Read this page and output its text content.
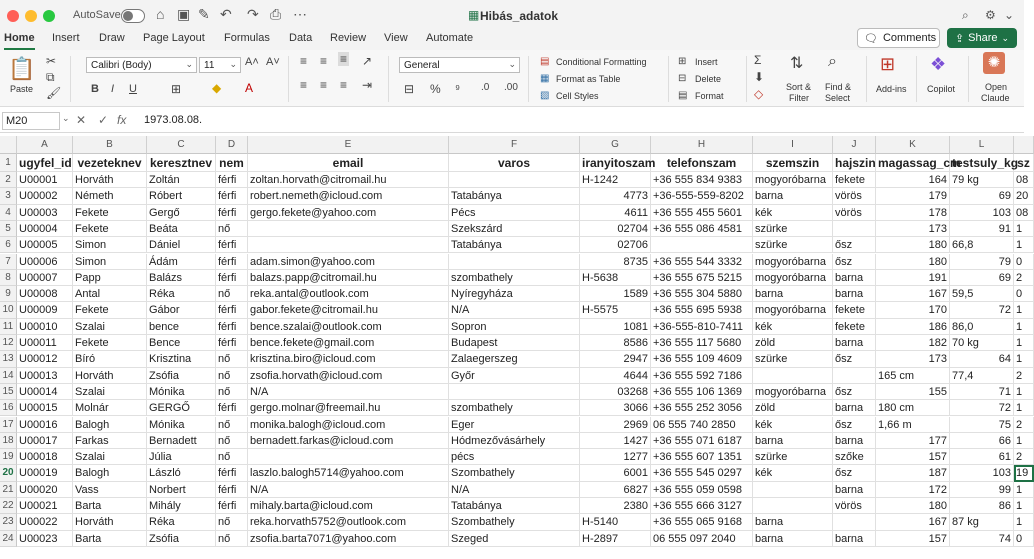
AutoSave	⌂ ▣ ✎ ↶ ↷ ⎙ ⋯	▦ Hibás_adatok	⌕ ⚙ ⌄
Home Insert Draw Page Layout Formulas Data Review View Automate	🗨 Comments ⇪ Share ⌄
📋
Paste
✂
⧉
🖌
Calibri (Body)	⌄ 11 ⌄ A˄ A˅
B I U	⊞	◆ A
≡ ≡ ≡ ↗
≡ ≡ ≡ ⇥
General	⌄
⊟ % ⁹ .0 .00
▤ Conditional Formatting
▦ Format as Table
▧ Cell Styles
⊞ Insert
⊟ Delete
▤ Format
Σ
⬇
◇
⇅
Sort &
Filter
⌕
Find &
Select
⊞
Add-ins
❖
Copilot
✺
Open
Claude
M20	⌄ ✕ ✓ fx 1973.08.08.
A	B	C	D	E	F	G	H	I	J	K	L
1 ugyfel_id vezeteknev keresztnev nem	email	varos	iranyitoszam telefonszam	szemszin	hajszin magassag_cm
testsuly_kg sz
2 U00001	Horváth	Zoltán	férfi	zoltan.horvath@citromail.hu	H-1242	+36 555 834 9383	mogyoróbarna fekete	164 79 kg	08
3 U00002	Németh	Róbert	férfi	robert.nemeth@icloud.com	Tatabánya	4773 +36-555-559-8202	barna	vörös	179	69 20
4 U00003	Fekete	Gergő	férfi	gergo.fekete@yahoo.com	Pécs	4611 +36 555 455 5601	kék	vörös	178	103 08
5 U00004	Fekete	Beáta	nő	Szekszárd	02704 +36 555 086 4581	szürke	173	91 1
6 U00005	Simon	Dániel	férfi	Tatabánya	02706	szürke	ősz	180 66,8	1
7 U00006	Simon	Ádám	férfi	adam.simon@yahoo.com	8735 +36 555 544 3332	mogyoróbarna ősz	180	79 0
8 U00007	Papp	Balázs	férfi	balazs.papp@citromail.hu	szombathely	H-5638	+36 555 675 5215	mogyoróbarna barna	191	69 2
9 U00008	Antal	Réka	nő	reka.antal@outlook.com	Nyíregyháza	1589 +36 555 304 5880	barna	barna	167 59,5	0
10 U00009	Fekete	Gábor	férfi	gabor.fekete@citromail.hu	N/A	H-5575	+36 555 695 5938	mogyoróbarna fekete	170	72 1
11 U00010	Szalai	bence	férfi	bence.szalai@outlook.com	Sopron	1081 +36-555-810-7411	kék	fekete	186 86,0	1
12 U00011	Fekete	Bence	férfi	bence.fekete@gmail.com	Budapest	8586 +36 555 117 5680	zöld	barna	182 70 kg	1
13 U00012	Bíró	Krisztina	nő	krisztina.biro@icloud.com	Zalaegerszeg	2947 +36 555 109 4609	szürke	ősz	173	64 1
14 U00013	Horváth	Zsófia	nő	zsofia.horvath@icloud.com	Győr	4644 +36 555 592 7186	165 cm	77,4	2
15 U00014	Szalai	Mónika	nő	N/A	03268 +36 555 106 1369	mogyoróbarna ősz	155	71 1
16 U00015	Molnár	GERGŐ	férfi	gergo.molnar@freemail.hu	szombathely	3066 +36 555 252 3056	zöld	barna	180 cm	72 1
17 U00016	Balogh	Mónika	nő	monika.balogh@icloud.com	Eger	2969 06 555 740 2850	kék	ősz	1,66 m	75 2
18 U00017	Farkas	Bernadett	nő	bernadett.farkas@icloud.com	Hódmezővásárhely	1427 +36 555 071 6187	barna	barna	177	66 1
19 U00018	Szalai	Júlia	nő	pécs	1277 +36 555 607 1351	szürke	szőke	157	61 2
20 U00019	Balogh	László	férfi	laszlo.balogh5714@yahoo.com	Szombathely	6001 +36 555 545 0297	kék	ősz	187	103 19
21 U00020	Vass	Norbert	férfi	N/A	N/A	6827 +36 555 059 0598	barna	172	99 1
22 U00021	Barta	Mihály	férfi	mihaly.barta@icloud.com	Tatabánya	2380 +36 555 666 3127	vörös	180	86 1
23 U00022	Horváth	Réka	nő	reka.horvath5752@outlook.com	Szombathely	H-5140	+36 555 065 9168	barna	167 87 kg	1
24 U00023	Barta	Zsófia	nő	zsofia.barta7071@yahoo.com	Szeged	H-2897	06 555 097 2040	barna	barna	157	74 0
